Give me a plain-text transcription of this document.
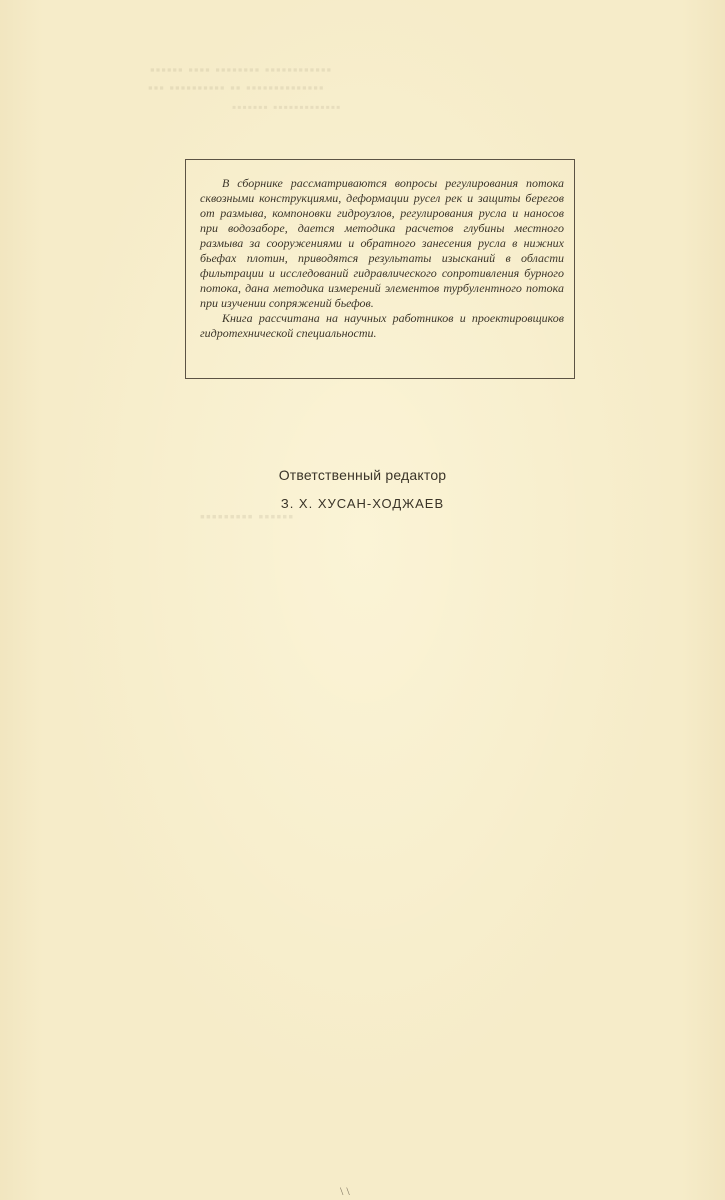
▪▪▪▪▪▪ ▪▪▪▪ ▪▪▪▪▪▪▪▪ ▪▪▪▪▪▪▪▪▪▪▪▪
▪▪▪ ▪▪▪▪▪▪▪▪▪▪ ▪▪ ▪▪▪▪▪▪▪▪▪▪▪▪▪▪
▪▪▪▪▪▪▪ ▪▪▪▪▪▪▪▪▪▪▪▪▪
▪▪▪▪▪▪▪▪▪ ▪▪▪▪▪▪

В сборнике рассматриваются вопросы регулирования потока сквозными конструкциями, деформации русел рек и защиты берегов от размыва, компоновки гидроузлов, регулирования русла и наносов при водозаборе, дается методика расчетов глубины местного размыва за сооружениями и обратного занесения русла в нижних бьефах плотин, приводятся результаты изысканий в области фильтрации и исследований гидравлического сопротивления бурного потока, дана методика измерений элементов турбулентного потока при изучении сопряжений бьефов.

Книга рассчитана на научных работников и проектировщиков гидротехнической специальности.

Ответственный редактор
З. Х. ХУСАН-ХОДЖАЕВ
\ \
